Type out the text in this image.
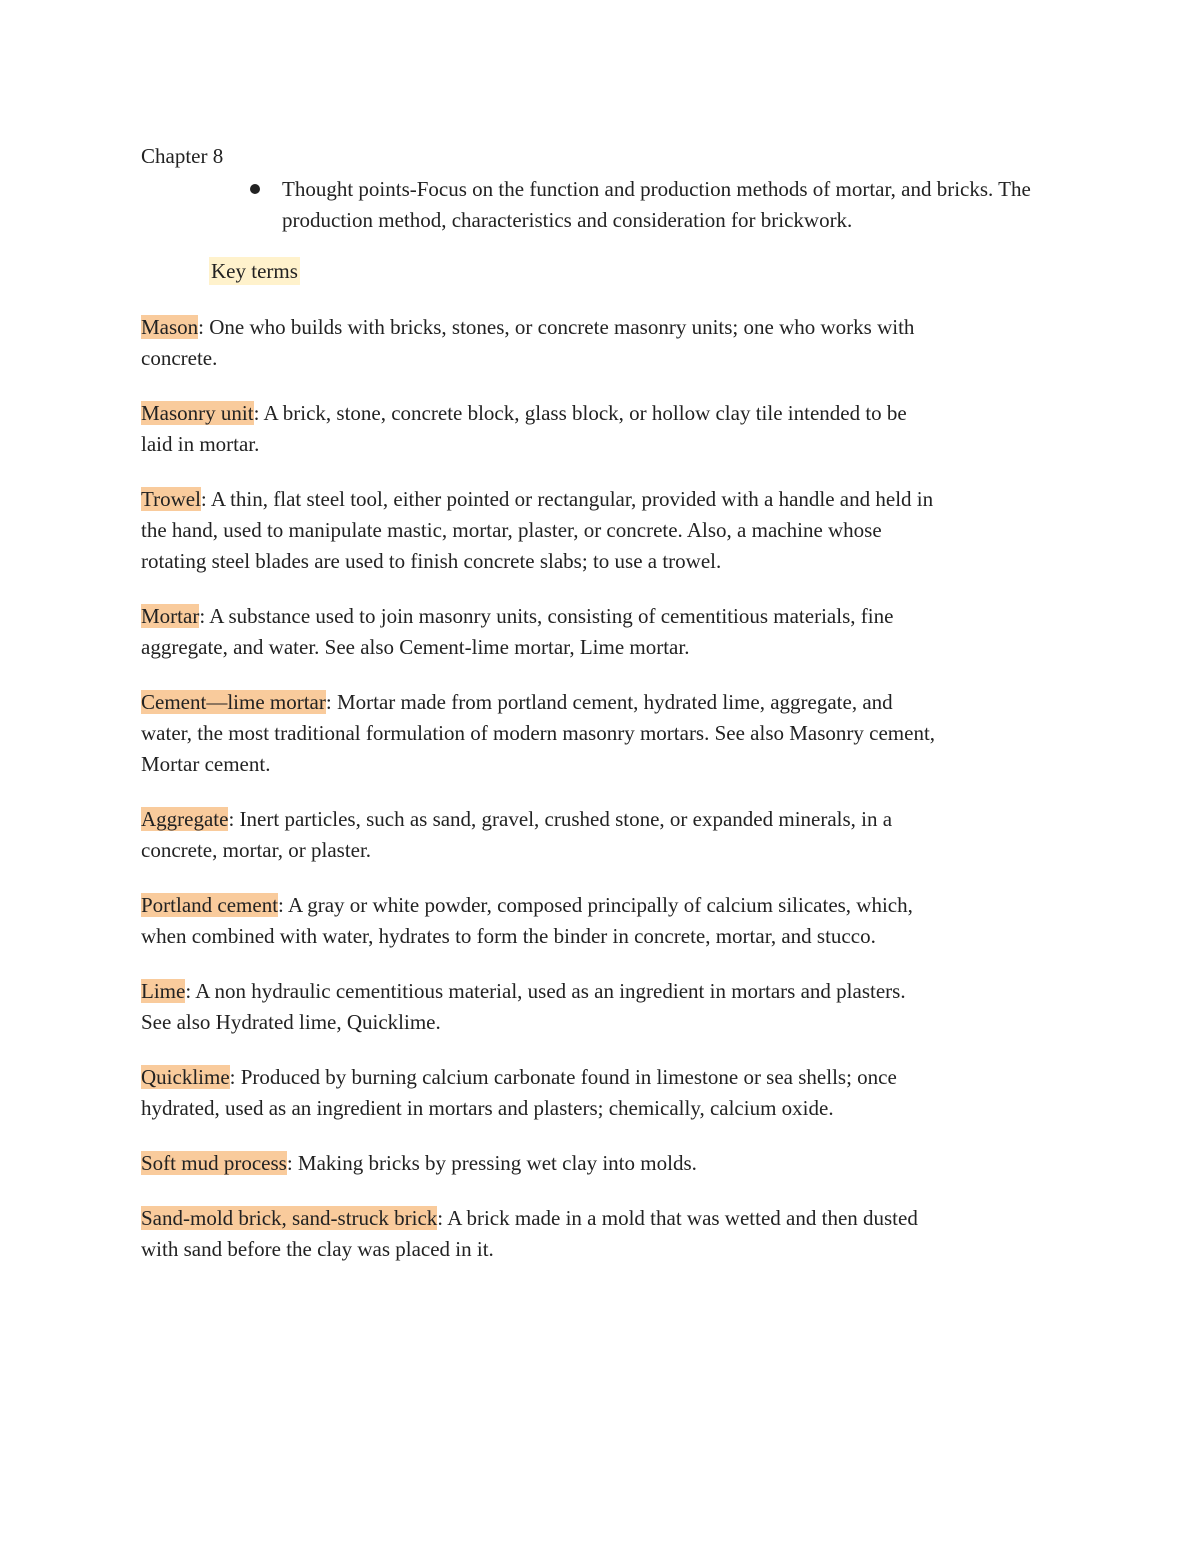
Chapter 8

Thought points-Focus on the function and production methods of mortar, and bricks. The production method, characteristics and consideration for brickwork.
Key terms

Mason: One who builds with bricks, stones, or concrete masonry units; one who works with concrete.

Masonry unit: A brick, stone, concrete block, glass block, or hollow clay tile intended to be laid in mortar.

Trowel: A thin, flat steel tool, either pointed or rectangular, provided with a handle and held in the hand, used to manipulate mastic, mortar, plaster, or concrete. Also, a machine whose rotating steel blades are used to finish concrete slabs; to use a trowel.

Mortar: A substance used to join masonry units, consisting of cementitious materials, fine aggregate, and water. See also Cement-lime mortar, Lime mortar.

Cement—lime mortar: Mortar made from portland cement, hydrated lime, aggregate, and water, the most traditional formulation of modern masonry mortars. See also Masonry cement, Mortar cement.

Aggregate: Inert particles, such as sand, gravel, crushed stone, or expanded minerals, in a concrete, mortar, or plaster.

Portland cement: A gray or white powder, composed principally of calcium silicates, which, when combined with water, hydrates to form the binder in concrete, mortar, and stucco.

Lime: A non hydraulic cementitious material, used as an ingredient in mortars and plasters. See also Hydrated lime, Quicklime.

Quicklime: Produced by burning calcium carbonate found in limestone or sea shells; once hydrated, used as an ingredient in mortars and plasters; chemically, calcium oxide.

Soft mud process: Making bricks by pressing wet clay into molds.

Sand-mold brick, sand-struck brick: A brick made in a mold that was wetted and then dusted with sand before the clay was placed in it.
